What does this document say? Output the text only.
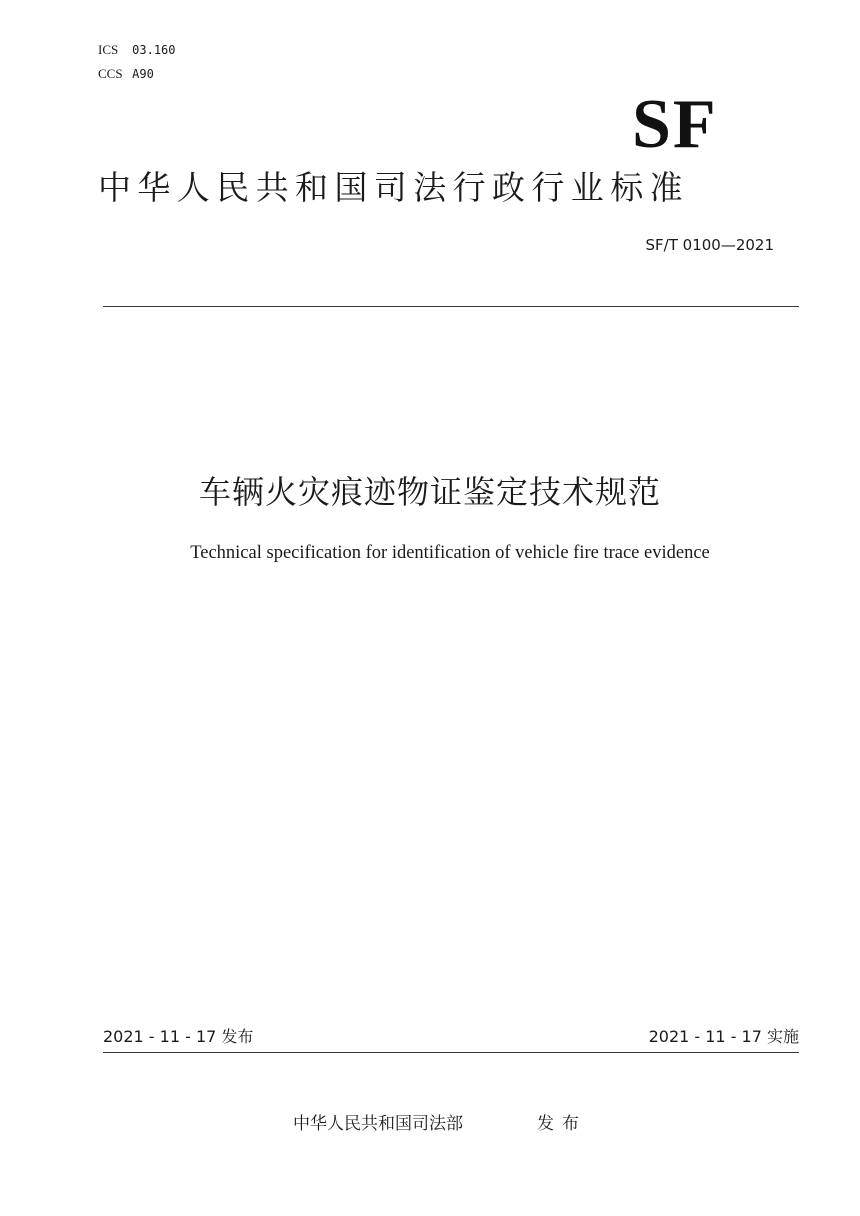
ICS 03.160
CCS A90
SF
中华人民共和国司法行政行业标准
SF/T 0100—2021
车辆火灾痕迹物证鉴定技术规范
Technical specification for identification of vehicle fire trace evidence
2021 - 11 - 17 发布	2021 - 11 - 17 实施
中华人民共和国司法部	发布
